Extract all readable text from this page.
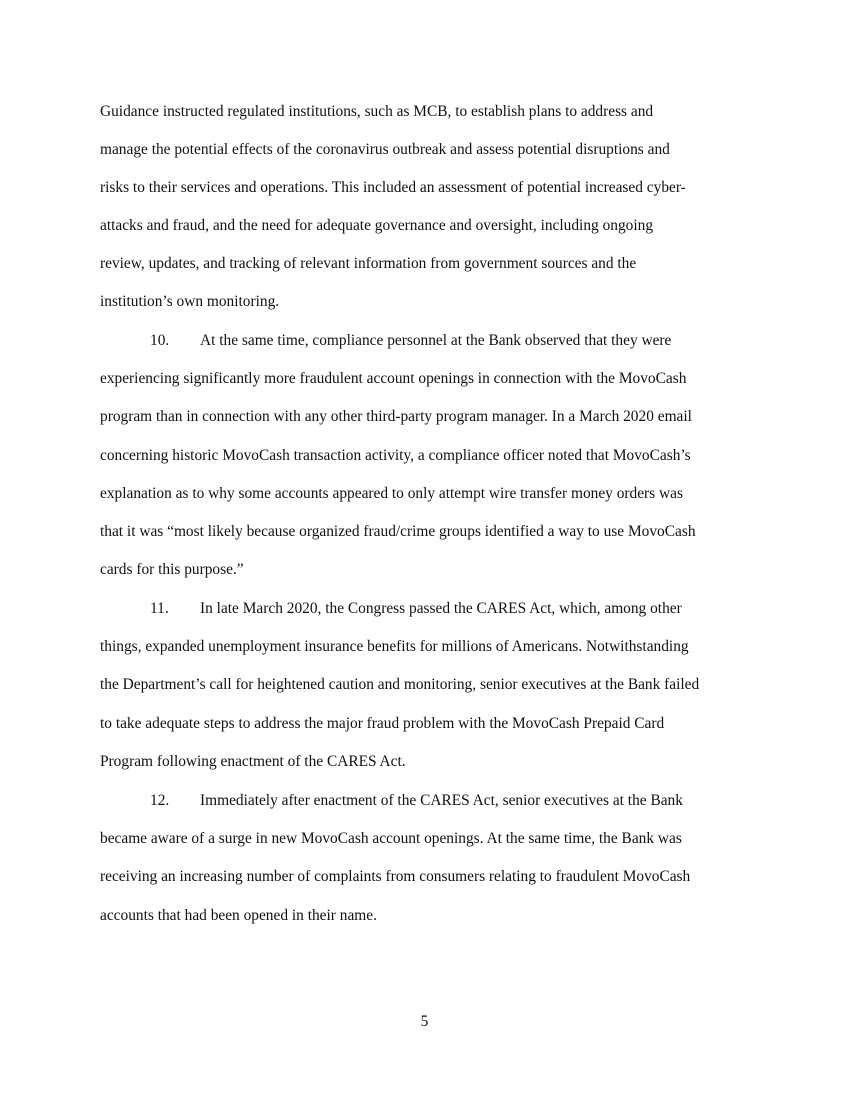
Guidance instructed regulated institutions, such as MCB, to establish plans to address and
manage the potential effects of the coronavirus outbreak and assess potential disruptions and
risks to their services and operations. This included an assessment of potential increased cyber-
attacks and fraud, and the need for adequate governance and oversight, including ongoing
review, updates, and tracking of relevant information from government sources and the
institution’s own monitoring.
10. At the same time, compliance personnel at the Bank observed that they were
experiencing significantly more fraudulent account openings in connection with the MovoCash
program than in connection with any other third-party program manager. In a March 2020 email
concerning historic MovoCash transaction activity, a compliance officer noted that MovoCash’s
explanation as to why some accounts appeared to only attempt wire transfer money orders was
that it was “most likely because organized fraud/crime groups identified a way to use MovoCash
cards for this purpose.”
11. In late March 2020, the Congress passed the CARES Act, which, among other
things, expanded unemployment insurance benefits for millions of Americans. Notwithstanding
the Department’s call for heightened caution and monitoring, senior executives at the Bank failed
to take adequate steps to address the major fraud problem with the MovoCash Prepaid Card
Program following enactment of the CARES Act.
12. Immediately after enactment of the CARES Act, senior executives at the Bank
became aware of a surge in new MovoCash account openings. At the same time, the Bank was
receiving an increasing number of complaints from consumers relating to fraudulent MovoCash
accounts that had been opened in their name.
5
